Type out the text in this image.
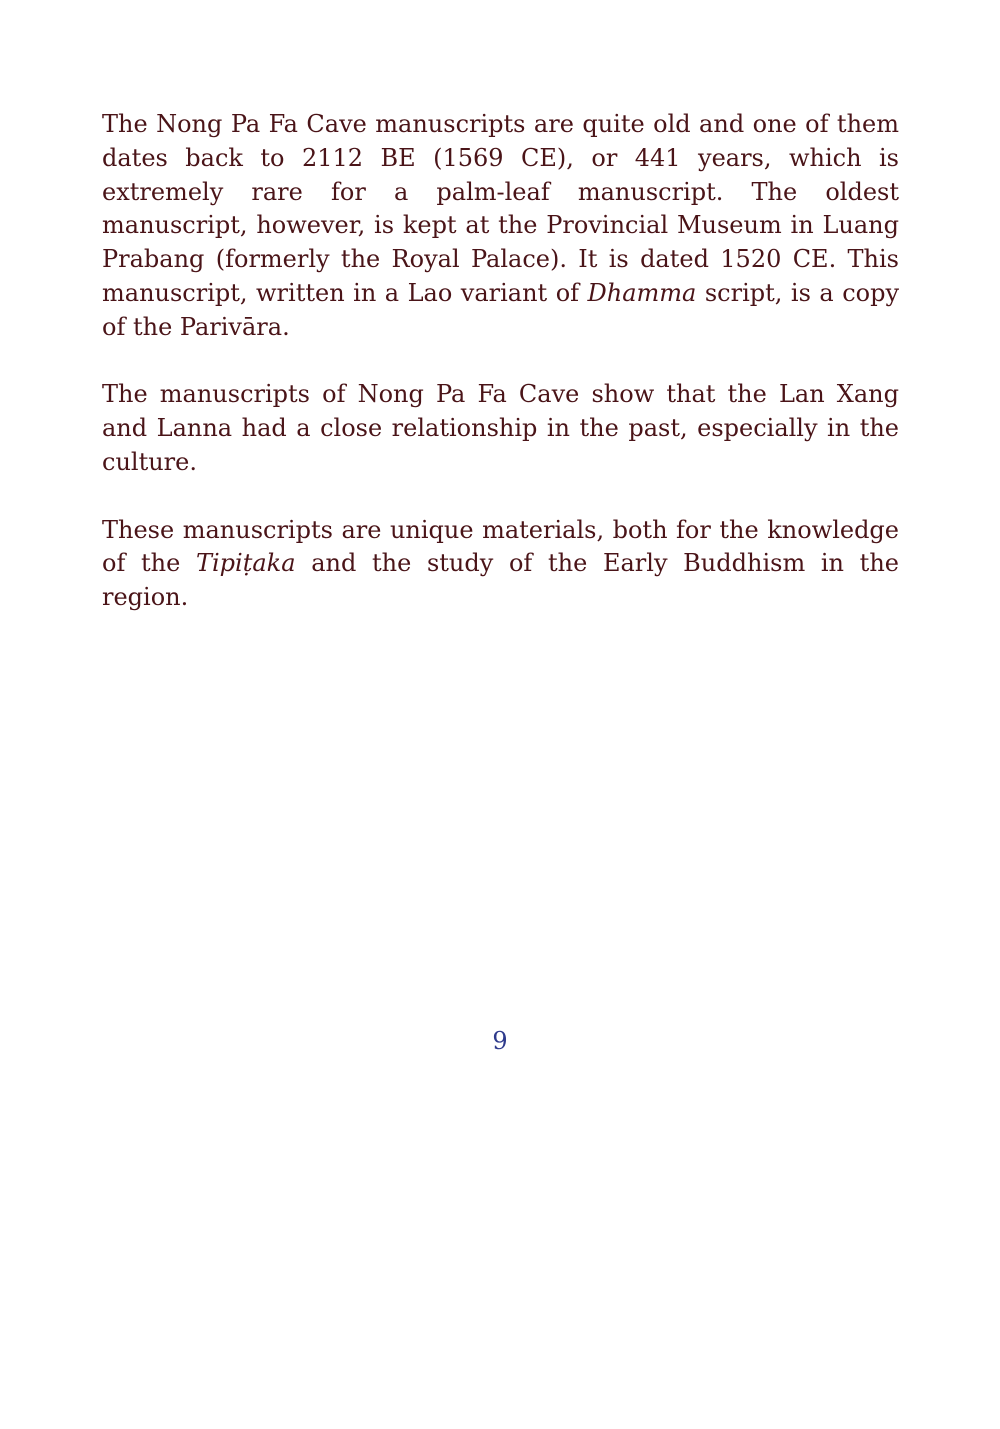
The Nong Pa Fa Cave manuscripts are quite old and one of them dates back to 2112 BE (1569 CE), or 441 years, which is extremely rare for a palm-leaf manuscript. The oldest manuscript, however, is kept at the Provincial Museum in Luang Prabang (formerly the Royal Palace). It is dated 1520 CE. This manuscript, written in a Lao variant of Dhamma script, is a copy of the Parivāra.

The manuscripts of Nong Pa Fa Cave show that the Lan Xang and Lanna had a close relationship in the past, especially in the culture.

These manuscripts are unique materials, both for the knowledge of the Tipiṭaka and the study of the Early Buddhism in the region.

9
